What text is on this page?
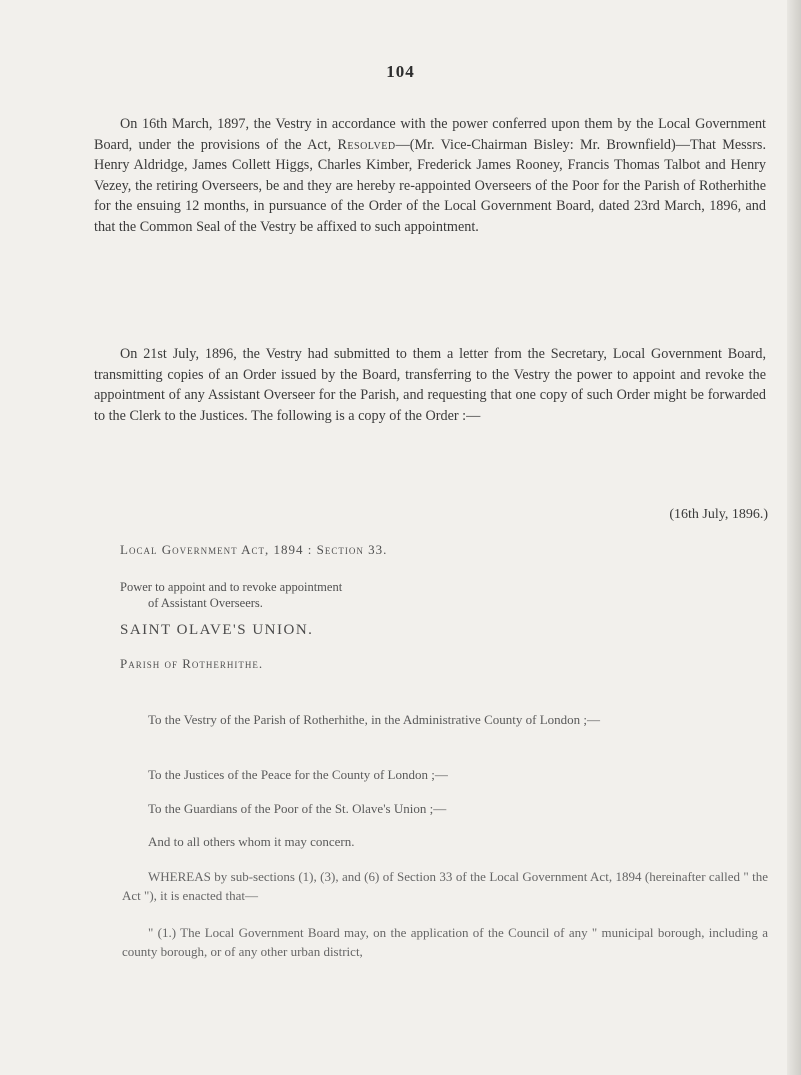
104

On 16th March, 1897, the Vestry in accordance with the power conferred upon them by the Local Government Board, under the provisions of the Act, Resolved—(Mr. Vice-Chairman Bisley: Mr. Brownfield)—That Messrs. Henry Aldridge, James Collett Higgs, Charles Kimber, Frederick James Rooney, Francis Thomas Talbot and Henry Vezey, the retiring Overseers, be and they are hereby re-appointed Overseers of the Poor for the Parish of Rotherhithe for the ensuing 12 months, in pursuance of the Order of the Local Government Board, dated 23rd March, 1896, and that the Common Seal of the Vestry be affixed to such appointment.

On 21st July, 1896, the Vestry had submitted to them a letter from the Secretary, Local Government Board, transmitting copies of an Order issued by the Board, transferring to the Vestry the power to appoint and revoke the appointment of any Assistant Overseer for the Parish, and requesting that one copy of such Order might be forwarded to the Clerk to the Justices. The following is a copy of the Order :—

(16th July, 1896.)

Local Government Act, 1894 : Section 33.

Power to appoint and to revoke appointment

of Assistant Overseers.

SAINT OLAVE'S UNION.

Parish of Rotherhithe.

To the Vestry of the Parish of Rotherhithe, in the Administrative County of London ;—

To the Justices of the Peace for the County of London ;—

To the Guardians of the Poor of the St. Olave's Union ;—

And to all others whom it may concern.

WHEREAS by sub-sections (1), (3), and (6) of Section 33 of the Local Government Act, 1894 (hereinafter called " the Act "), it is enacted that—

" (1.) The Local Government Board may, on the application of the Council of any " municipal borough, including a county borough, or of any other urban district,
